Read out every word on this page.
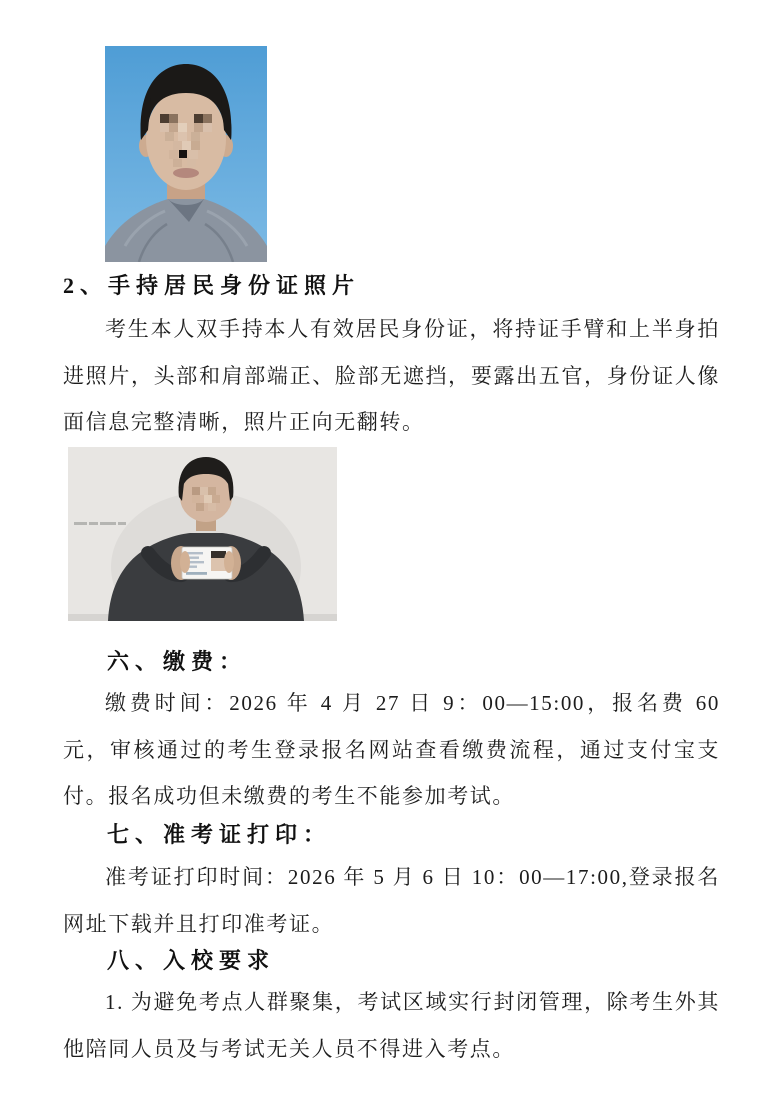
2、手持居民身份证照片

考生本人双手持本人有效居民身份证，将持证手臂和上半身拍进照片，头部和肩部端正、脸部无遮挡，要露出五官，身份证人像面信息完整清晰，照片正向无翻转。

六、缴费：

缴费时间：2026 年 4 月 27 日 9：00—15:00，报名费 60 元，审核通过的考生登录报名网站查看缴费流程，通过支付宝支付。报名成功但未缴费的考生不能参加考试。

七、准考证打印：

准考证打印时间：2026 年 5 月 6 日 10：00—17:00,登录报名网址下载并且打印准考证。

八、入校要求

1. 为避免考点人群聚集，考试区域实行封闭管理，除考生外其他陪同人员及与考试无关人员不得进入考点。
